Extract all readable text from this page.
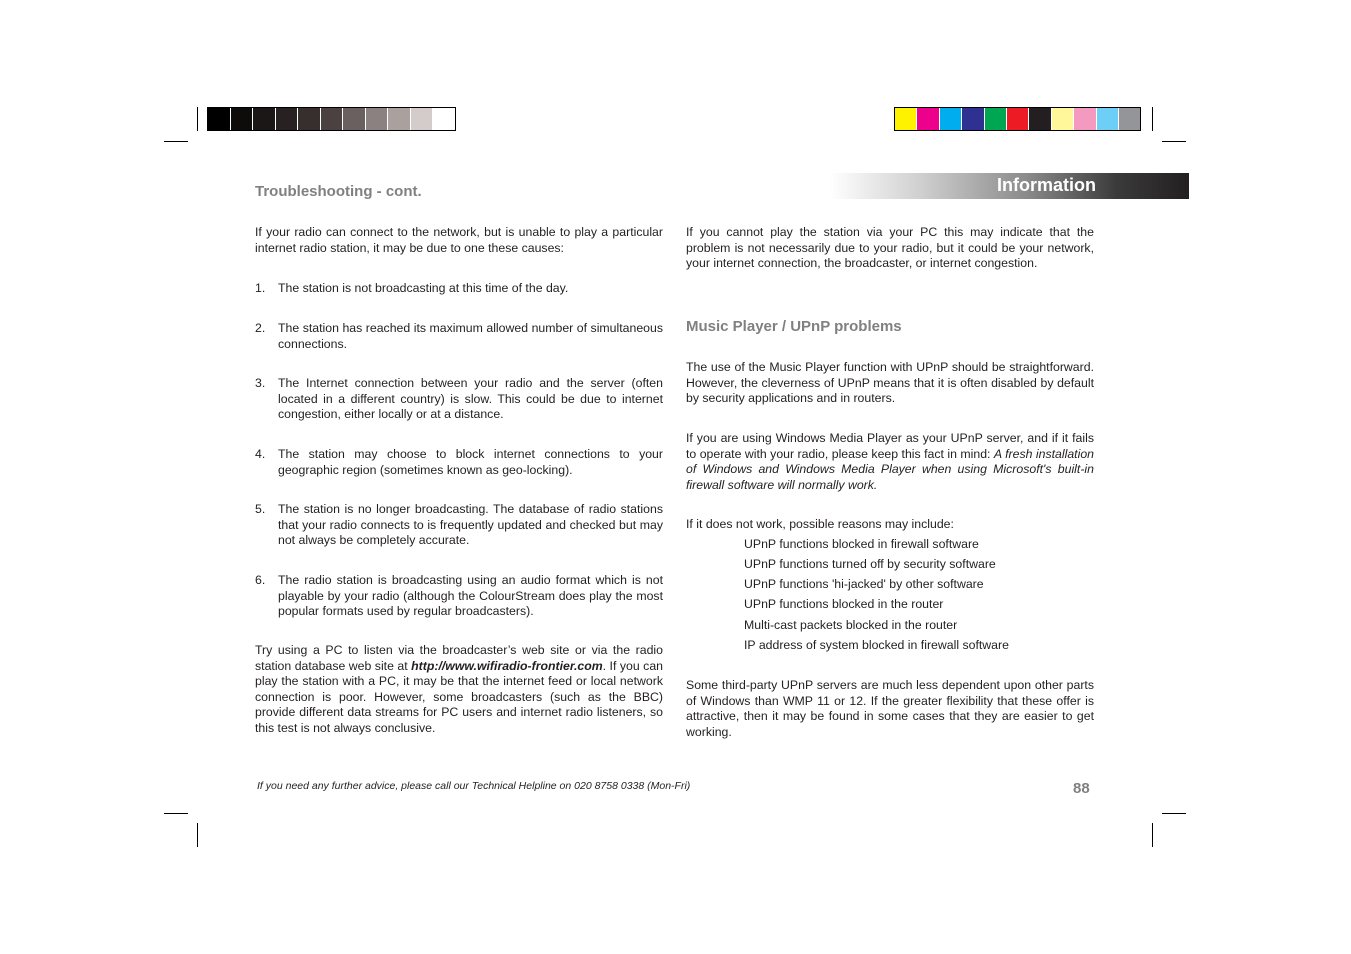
Troubleshooting - cont.
If your radio can connect to the network, but is unable to play a particular internet radio station, it may be due to one these causes:
1. The station is not broadcasting at this time of the day.
2. The station has reached its maximum allowed number of simultaneous connections.
3. The Internet connection between your radio and the server (often located in a different country) is slow. This could be due to internet congestion, either locally or at a distance.
4. The station may choose to block internet connections to your geographic region (sometimes known as geo-locking).
5. The station is no longer broadcasting. The database of radio stations that your radio connects to is frequently updated and checked but may not always be completely accurate.
6. The radio station is broadcasting using an audio format which is not playable by your radio (although the ColourStream does play the most popular formats used by regular broadcasters).
Try using a PC to listen via the broadcaster’s web site or via the radio station database web site at http://www.wifiradio-frontier.com. If you can play the station with a PC, it may be that the internet feed or local network connection is poor. However, some broadcasters (such as the BBC) provide different data streams for PC users and internet radio listeners, so this test is not always conclusive.
Information
If you cannot play the station via your PC this may indicate that the problem is not necessarily due to your radio, but it could be your network, your internet connection, the broadcaster, or internet congestion.
Music Player / UPnP problems
The use of the Music Player function with UPnP should be straightforward. However, the cleverness of UPnP means that it is often disabled by default by security applications and in routers.
If you are using Windows Media Player as your UPnP server, and if it fails to operate with your radio, please keep this fact in mind: A fresh installation of Windows and Windows Media Player when using Microsoft's built-in firewall software will normally work.
If it does not work, possible reasons may include:
UPnP functions blocked in firewall software
UPnP functions turned off by security software
UPnP functions 'hi-jacked' by other software
UPnP functions blocked in the router
Multi-cast packets blocked in the router
IP address of system blocked in firewall software
Some third-party UPnP servers are much less dependent upon other parts of Windows than WMP 11 or 12. If the greater flexibility that these offer is attractive, then it may be found in some cases that they are easier to get working.
If you need any further advice, please call our Technical Helpline on 020 8758 0338 (Mon-Fri)	88
